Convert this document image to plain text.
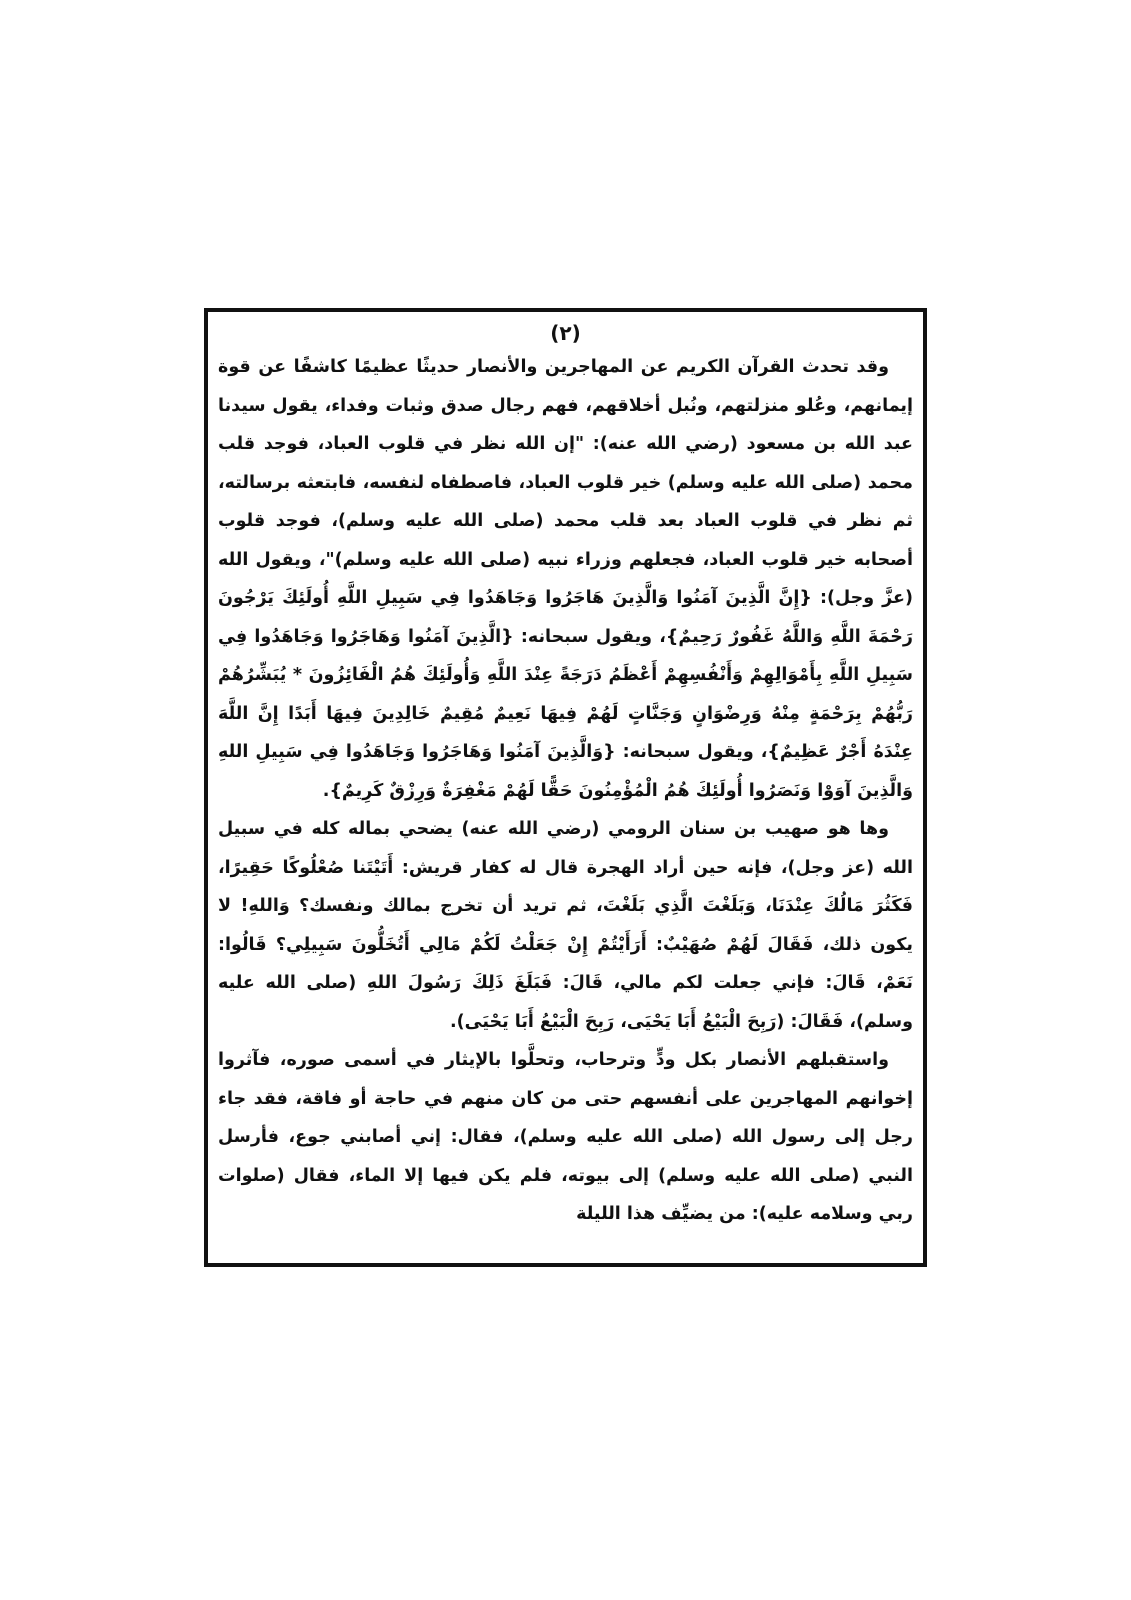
(٢)

وقد تحدث القرآن الكريم عن المهاجرين والأنصار حديثًا عظيمًا كاشفًا عن قوة إيمانهم، وعُلو منزلتهم، ونُبل أخلاقهم، فهم رجال صدق وثبات وفداء، يقول سيدنا عبد الله بن مسعود (رضي الله عنه): "إن الله نظر في قلوب العباد، فوجد قلب محمد (صلى الله عليه وسلم) خير قلوب العباد، فاصطفاه لنفسه، فابتعثه برسالته، ثم نظر في قلوب العباد بعد قلب محمد (صلى الله عليه وسلم)، فوجد قلوب أصحابه خير قلوب العباد، فجعلهم وزراء نبيه (صلى الله عليه وسلم)"، ويقول الله (عزَّ وجل): {إِنَّ الَّذِينَ آمَنُوا وَالَّذِينَ هَاجَرُوا وَجَاهَدُوا فِي سَبِيلِ اللَّهِ أُولَئِكَ يَرْجُونَ رَحْمَةَ اللَّهِ وَاللَّهُ غَفُورٌ رَحِيمٌ}، ويقول سبحانه: {الَّذِينَ آمَنُوا وَهَاجَرُوا وَجَاهَدُوا فِي سَبِيلِ اللَّهِ بِأَمْوَالِهِمْ وَأَنْفُسِهِمْ أَعْظَمُ دَرَجَةً عِنْدَ اللَّهِ وَأُولَئِكَ هُمُ الْفَائِزُونَ * يُبَشِّرُهُمْ رَبُّهُمْ بِرَحْمَةٍ مِنْهُ وَرِضْوَانٍ وَجَنَّاتٍ لَهُمْ فِيهَا نَعِيمٌ مُقِيمٌ خَالِدِينَ فِيهَا أَبَدًا إِنَّ اللَّهَ عِنْدَهُ أَجْرٌ عَظِيمٌ}، ويقول سبحانه: {وَالَّذِينَ آمَنُوا وَهَاجَرُوا وَجَاهَدُوا فِي سَبِيلِ اللهِ وَالَّذِينَ آوَوْا وَنَصَرُوا أُولَئِكَ هُمُ الْمُؤْمِنُونَ حَقًّا لَهُمْ مَغْفِرَةٌ وَرِزْقٌ كَرِيمٌ}.

وها هو صهيب بن سنان الرومي (رضي الله عنه) يضحي بماله كله في سبيل الله (عز وجل)، فإنه حين أراد الهجرة قال له كفار قريش: أَتَيْتَنا صُعْلُوكًا حَقِيرًا، فَكَثُرَ مَالُكَ عِنْدَنَا، وَبَلَغْتَ الَّذِي بَلَغْتَ، ثم تريد أن تخرج بمالك ونفسك؟ وَاللهِ! لا يكون ذلك، فَقَالَ لَهُمْ صُهَيْبٌ: أَرَأَيْتُمْ إِنْ جَعَلْتُ لَكُمْ مَالِي أَتُخَلُّونَ سَبِيلِي؟ قَالُوا: نَعَمْ، قَالَ: فإني جعلت لكم مالي، قَالَ: فَبَلَغَ ذَلِكَ رَسُولَ اللهِ (صلى الله عليه وسلم)، فَقَالَ: (رَبِحَ الْبَيْعُ أَبَا يَحْيَى، رَبِحَ الْبَيْعُ أَبَا يَحْيَى).

واستقبلهم الأنصار بكل ودٍّ وترحاب، وتحلَّوا بالإيثار في أسمى صوره، فآثروا إخوانهم المهاجرين على أنفسهم حتى من كان منهم في حاجة أو فاقة، فقد جاء رجل إلى رسول الله (صلى الله عليه وسلم)، فقال: إني أصابني جوع، فأرسل النبي (صلى الله عليه وسلم) إلى بيوته، فلم يكن فيها إلا الماء، فقال (صلوات ربي وسلامه عليه): من يضيِّف هذا الليلة
